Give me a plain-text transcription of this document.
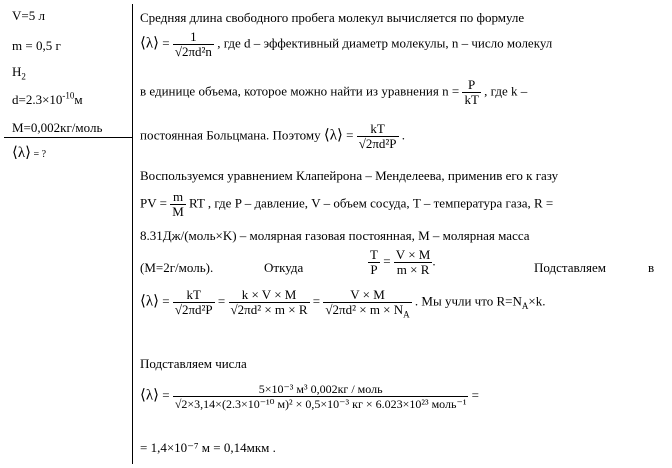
V=5 л
m = 0,5 г
$H_2$
$d=2.3\times 10^{-10}м$
M=0,002кг/моль
⟨λ⟩ = ?
Средняя длина свободного пробега молекул вычисляется по формуле
⟨λ⟩ = $\frac{1}{\text{√2πd²n}}$ , где d – эффективный диаметр молекулы, n – число молекул
в единице объема, которое можно найти из уравнения $n = \frac{P}{kT}$ , где k –
постоянная Больцмана. Поэтому ⟨λ⟩ = $\frac{kT}{\text{√2πd²P}}$ .
Воспользуемся уравнением Клапейрона – Менделеева, применив его к газу
PV = $\frac{m}{M}$ RT , где P – давление, V – объем сосуда, T – температура газа, R =
8.31Дж/(моль×K) – молярная газовая постоянная, M – молярная масса
(M=2г/моль).	Откуда	$\frac{T}{P} = \frac{V \times M}{m \times R}$ .	Подставляем	в
⟨λ⟩ = $\frac{kT}{\text{√2πd²P}} = \frac{k \times V \times M}{\text{√2πd² × m × R}} = \frac{V \times M}{√2\pi d^2 \times m \times N_A}$ . Мы учли что $R=N_A\times k$.
Подставляем числа
⟨λ⟩ = $\frac{\text{5×10⁻³ м³ 0,002кг / моль}}{\text{√2×3,14×(2.3×10⁻¹⁰ м)² × 0,5×10⁻³ кг × 6.023×10²³ моль⁻¹}}$ =
= 1,4×10⁻⁷ м = 0,14мкм .
